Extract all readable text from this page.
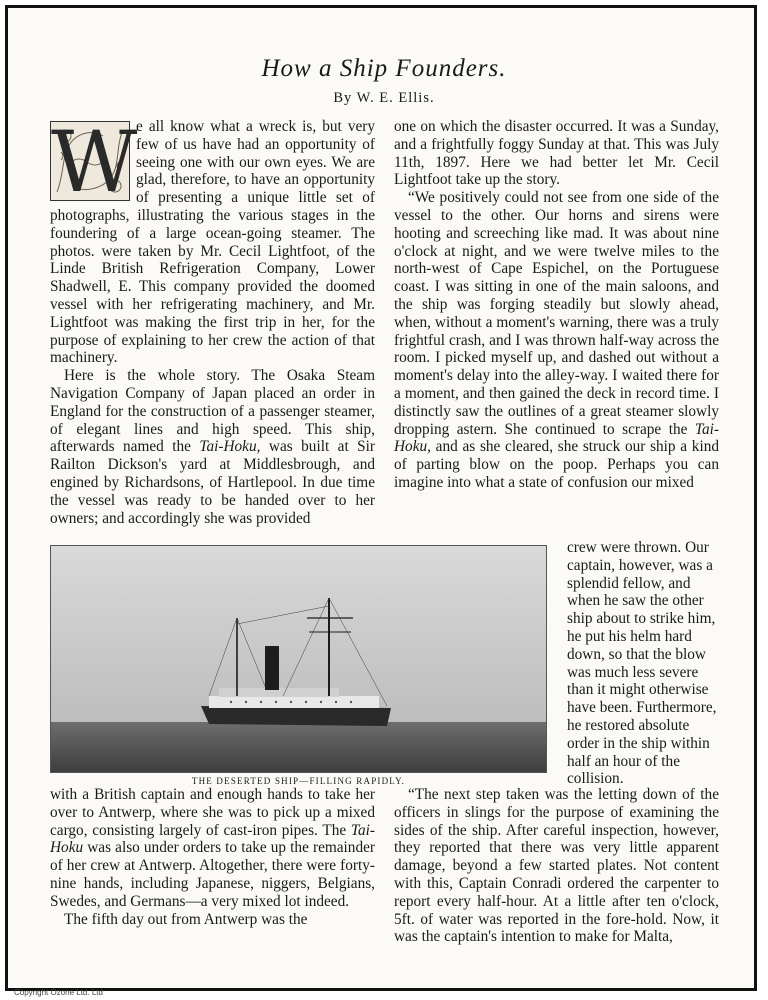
How a Ship Founders.

By W. E. Ellis.

W

e all know what a wreck is, but very few of us have had an opportunity of seeing one with our own eyes. We are glad, therefore, to have an opportunity of presenting a unique little set of photographs, illustrating the various stages in the foundering of a large ocean-going steamer. The photos. were taken by Mr. Cecil Lightfoot, of the Linde British Refrigeration Company, Lower Shadwell, E. This company provided the doomed vessel with her refrigerating machinery, and Mr. Lightfoot was making the first trip in her, for the purpose of explaining to her crew the action of that machinery.

Here is the whole story. The Osaka Steam Navigation Company of Japan placed an order in England for the construction of a passenger steamer, of elegant lines and high speed. This ship, afterwards named the Tai-Hoku, was built at Sir Railton Dickson's yard at Middlesbrough, and engined by Richardsons, of Hartlepool. In due time the vessel was ready to be handed over to her owners; and accordingly she was provided

THE DESERTED SHIP—FILLING RAPIDLY.

with a British captain and enough hands to take her over to Antwerp, where she was to pick up a mixed cargo, consisting largely of cast-iron pipes. The Tai-Hoku was also under orders to take up the remainder of her crew at Antwerp. Altogether, there were forty-nine hands, including Japanese, niggers, Belgians, Swedes, and Germans—a very mixed lot indeed.

The fifth day out from Antwerp was the

one on which the disaster occurred. It was a Sunday, and a frightfully foggy Sunday at that. This was July 11th, 1897. Here we had better let Mr. Cecil Lightfoot take up the story.

“We positively could not see from one side of the vessel to the other. Our horns and sirens were hooting and screeching like mad. It was about nine o'clock at night, and we were twelve miles to the north-west of Cape Espichel, on the Portuguese coast. I was sitting in one of the main saloons, and the ship was forging steadily but slowly ahead, when, without a moment's warning, there was a truly frightful crash, and I was thrown half-way across the room. I picked myself up, and dashed out without a moment's delay into the alley-way. I waited there for a moment, and then gained the deck in record time. I distinctly saw the outlines of a great steamer slowly dropping astern. She continued to scrape the Tai-Hoku, and as she cleared, she struck our ship a kind of parting blow on the poop. Perhaps you can imagine into what a state of confusion our mixed

crew were thrown. Our captain, however, was a splendid fellow, and when he saw the other ship about to strike him, he put his helm hard down, so that the blow was much less severe than it might otherwise have been. Furthermore, he restored absolute order in the ship within half an hour of the collision.

“The next step taken was the letting down of the officers in slings for the purpose of examining the sides of the ship. After careful inspection, however, they reported that there was very little apparent damage, beyond a few started plates. Not content with this, Captain Conradi ordered the carpenter to report every half-hour. At a little after ten o'clock, 5ft. of water was reported in the fore-hold. Now, it was the captain's intention to make for Malta,

Copyright Ozone Ltd. Ltd
